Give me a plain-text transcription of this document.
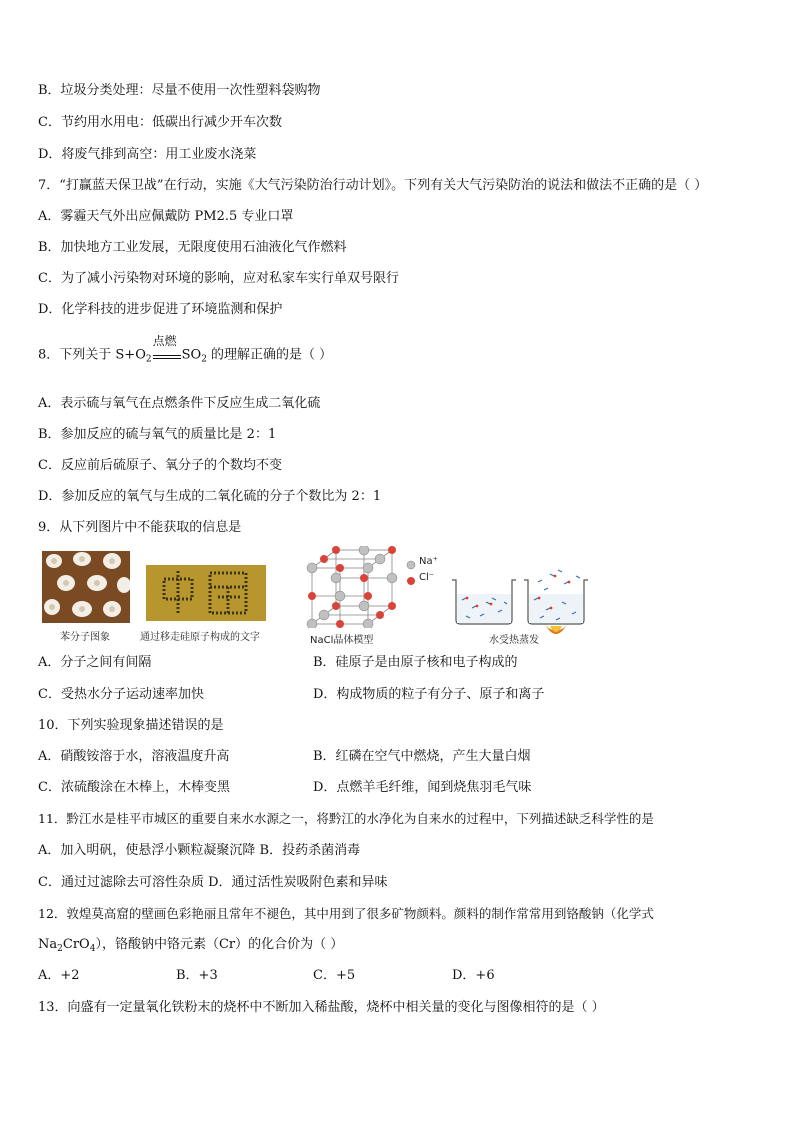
B．垃圾分类处理：尽量不使用一次性塑料袋购物
C．节约用水用电：低碳出行减少开车次数
D．将废气排到高空：用工业废水浇菜
7．“打赢蓝天保卫战”在行动，实施《大气污染防治行动计划》。下列有关大气污染防治的说法和做法不正确的是（ ）
A．雾霾天气外出应佩戴防 PM2.5 专业口罩
B．加快地方工业发展，无限度使用石油液化气作燃料
C．为了减小污染物对环境的影响，应对私家车实行单双号限行
D．化学科技的进步促进了环境监测和保护
8．下列关于 $S+O_2$
点燃
$SO_2$ 的理解正确的是（ ）
A．表示硫与氧气在点燃条件下反应生成二氧化硫
B．参加反应的硫与氧气的质量比是 2：1
C．反应前后硫原子、氧分子的个数均不变
D．参加反应的氧气与生成的二氧化硫的分子个数比为 2：1
9．从下列图片中不能获取的信息是
苯分子图象	通过移走硅原子构成的文字
Na⁺
Cl⁻
NaCl晶体模型	水受热蒸发
A．分子之间有间隔	B．硅原子是由原子核和电子构成的
C．受热水分子运动速率加快	D．构成物质的粒子有分子、原子和离子
10．下列实验现象描述错误的是
A．硝酸铵溶于水，溶液温度升高	B．红磷在空气中燃烧，产生大量白烟
C．浓硫酸涂在木棒上，木棒变黑	D．点燃羊毛纤维，闻到烧焦羽毛气味
11．黔江水是桂平市城区的重要自来水水源之一，将黔江的水净化为自来水的过程中，下列描述缺乏科学性的是
A．加入明矾，使悬浮小颗粒凝聚沉降 B．投药杀菌消毒
C．通过过滤除去可溶性杂质 D．通过活性炭吸附色素和异味
12．敦煌莫高窟的壁画色彩艳丽且常年不褪色，其中用到了很多矿物颜料。颜料的制作常常用到铬酸钠（化学式
$Na_2CrO_4$），铬酸钠中铬元素（Cr）的化合价为（ ）
A．+2	B．+3	C．+5	D．+6
13．向盛有一定量氧化铁粉末的烧杯中不断加入稀盐酸，烧杯中相关量的变化与图像相符的是（ ）
